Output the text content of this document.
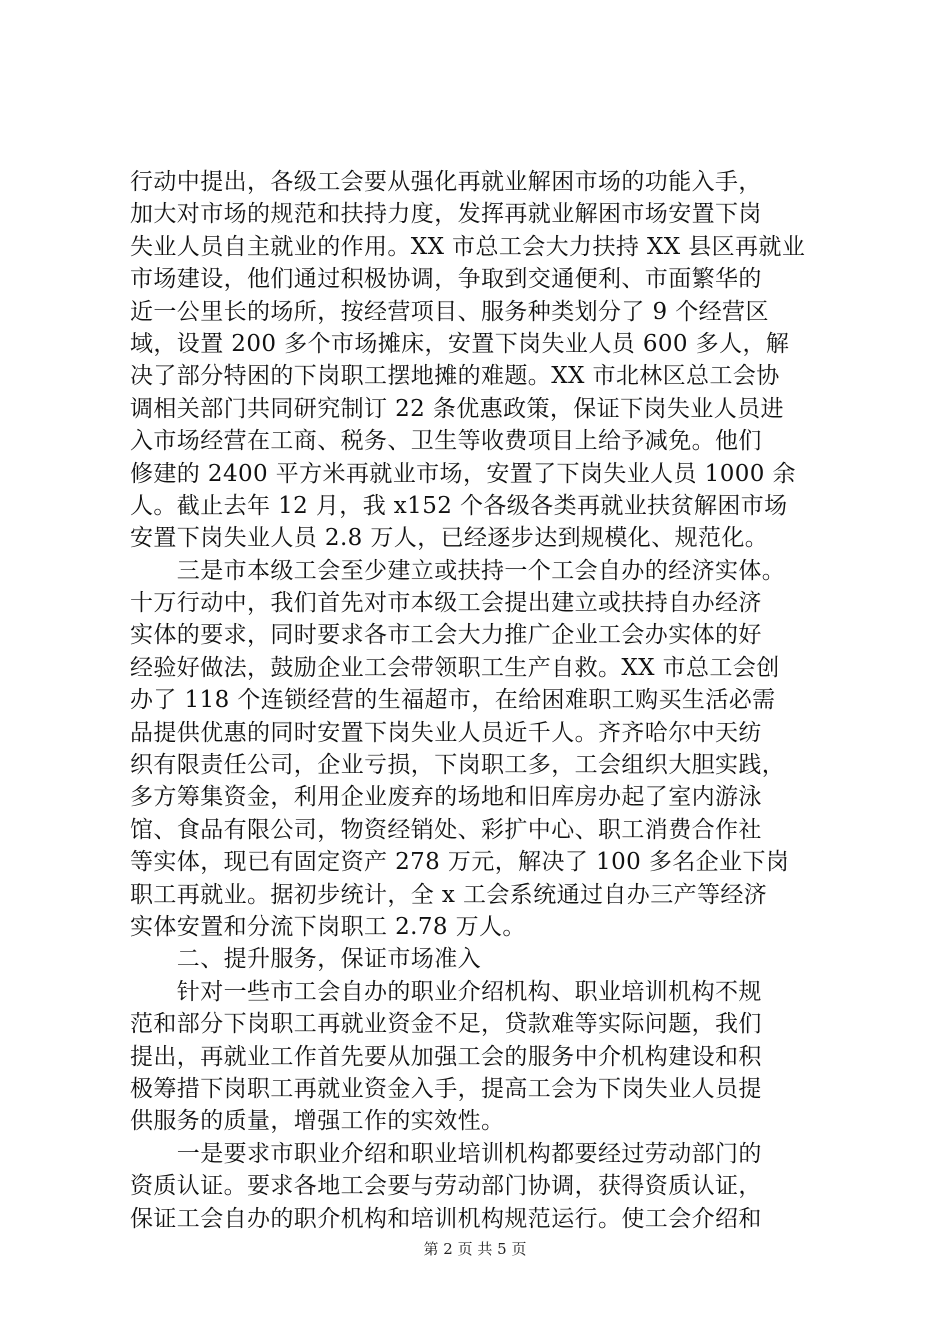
行动中提出，各级工会要从强化再就业解困市场的功能入手，
加大对市场的规范和扶持力度，发挥再就业解困市场安置下岗
失业人员自主就业的作用。XX 市总工会大力扶持 XX 县区再就业
市场建设，他们通过积极协调，争取到交通便利、市面繁华的
近一公里长的场所，按经营项目、服务种类划分了 9 个经营区
域，设置 200 多个市场摊床，安置下岗失业人员 600 多人，解
决了部分特困的下岗职工摆地摊的难题。XX 市北林区总工会协
调相关部门共同研究制订 22 条优惠政策，保证下岗失业人员进
入市场经营在工商、税务、卫生等收费项目上给予减免。他们
修建的 2400 平方米再就业市场，安置了下岗失业人员 1000 余
人。截止去年 12 月，我 x152 个各级各类再就业扶贫解困市场
安置下岗失业人员 2.8 万人，已经逐步达到规模化、规范化。
　　三是市本级工会至少建立或扶持一个工会自办的经济实体。
十万行动中，我们首先对市本级工会提出建立或扶持自办经济
实体的要求，同时要求各市工会大力推广企业工会办实体的好
经验好做法，鼓励企业工会带领职工生产自救。XX 市总工会创
办了 118 个连锁经营的生福超市，在给困难职工购买生活必需
品提供优惠的同时安置下岗失业人员近千人。齐齐哈尔中天纺
织有限责任公司，企业亏损，下岗职工多，工会组织大胆实践，
多方筹集资金，利用企业废弃的场地和旧库房办起了室内游泳
馆、食品有限公司，物资经销处、彩扩中心、职工消费合作社
等实体，现已有固定资产 278 万元，解决了 100 多名企业下岗
职工再就业。据初步统计，全 x 工会系统通过自办三产等经济
实体安置和分流下岗职工 2.78 万人。
　　二、提升服务，保证市场准入
　　针对一些市工会自办的职业介绍机构、职业培训机构不规
范和部分下岗职工再就业资金不足，贷款难等实际问题，我们
提出，再就业工作首先要从加强工会的服务中介机构建设和积
极筹措下岗职工再就业资金入手，提高工会为下岗失业人员提
供服务的质量，增强工作的实效性。
　　一是要求市职业介绍和职业培训机构都要经过劳动部门的
资质认证。要求各地工会要与劳动部门协调，获得资质认证，
保证工会自办的职介机构和培训机构规范运行。使工会介绍和
第 2 页 共 5 页
